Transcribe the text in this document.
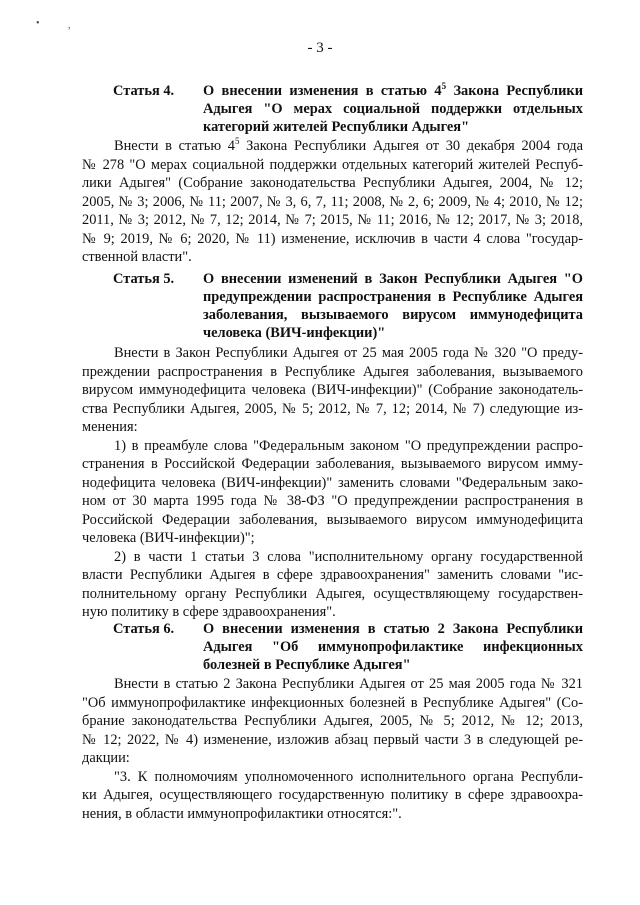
•	,
- 3 -
Статья 4.	О внесении изменения в статью $4^5$ Закона Республики Адыгея "О мерах социальной поддержки отдельных категорий жителей Республики Адыгея"
Внести в статью $4^5$ Закона Республики Адыгея от 30 декабря 2004 года
№ 278 "О мерах социальной поддержки отдельных категорий жителей Респуб-
лики Адыгея" (Собрание законодательства Республики Адыгея, 2004, № 12;
2005, № 3; 2006, № 11; 2007, № 3, 6, 7, 11; 2008, № 2, 6; 2009, № 4; 2010, № 12;
2011, № 3; 2012, № 7, 12; 2014, № 7; 2015, № 11; 2016, № 12; 2017, № 3; 2018,
№ 9; 2019, № 6; 2020, № 11) изменение, исключив в части 4 слова "государ-
ственной власти".
Статья 5.	О внесении изменений в Закон Республики Адыгея "О предупреждении распространения в Республике Адыгея заболевания, вызываемого вирусом иммунодефицита человека (ВИЧ-инфекции)"
Внести в Закон Республики Адыгея от 25 мая 2005 года № 320 "О преду-
преждении распространения в Республике Адыгея заболевания, вызываемого
вирусом иммунодефицита человека (ВИЧ-инфекции)" (Собрание законодатель-
ства Республики Адыгея, 2005, № 5; 2012, № 7, 12; 2014, № 7) следующие из-
менения:
1) в преамбуле слова "Федеральным законом "О предупреждении распро-
странения в Российской Федерации заболевания, вызываемого вирусом имму-
нодефицита человека (ВИЧ-инфекции)" заменить словами "Федеральным зако-
ном от 30 марта 1995 года № 38-ФЗ "О предупреждении распространения в
Российской Федерации заболевания, вызываемого вирусом иммунодефицита
человека (ВИЧ-инфекции)";
2) в части 1 статьи 3 слова "исполнительному органу государственной
власти Республики Адыгея в сфере здравоохранения" заменить словами "ис-
полнительному органу Республики Адыгея, осуществляющему государствен-
ную политику в сфере здравоохранения".
Статья 6.	О внесении изменения в статью 2 Закона Республики Адыгея "Об иммунопрофилактике инфекционных болезней в Республике Адыгея"
Внести в статью 2 Закона Республики Адыгея от 25 мая 2005 года № 321
"Об иммунопрофилактике инфекционных болезней в Республике Адыгея" (Со-
брание законодательства Республики Адыгея, 2005, № 5; 2012, № 12; 2013,
№ 12; 2022, № 4) изменение, изложив абзац первый части 3 в следующей ре-
дакции:
"3. К полномочиям уполномоченного исполнительного органа Республи-
ки Адыгея, осуществляющего государственную политику в сфере здравоохра-
нения, в области иммунопрофилактики относятся:".
